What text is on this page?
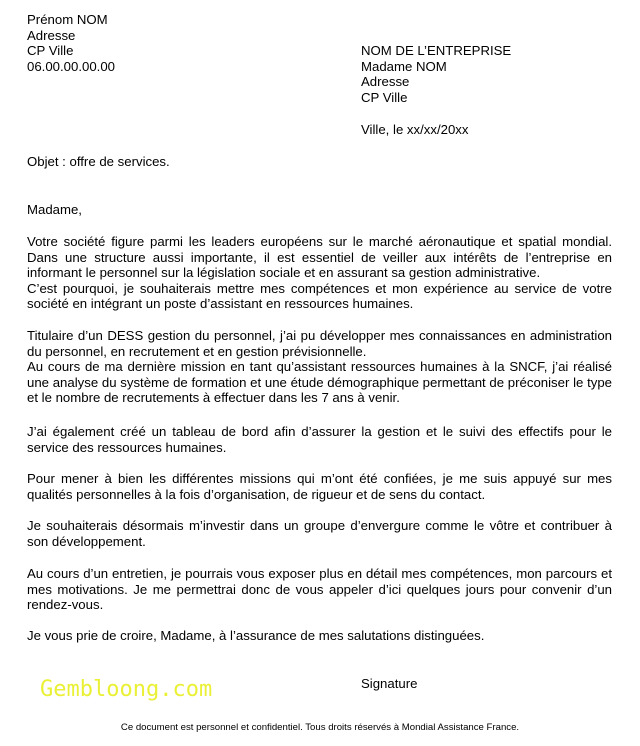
Prénom NOM
Adresse
CP Ville
06.00.00.00.00
NOM DE L’ENTREPRISE
Madame NOM
Adresse
CP Ville
Ville, le xx/xx/20xx
Objet : offre de services.
Madame,
Votre société figure parmi les leaders européens sur le marché aéronautique et spatial mondial. Dans une structure aussi importante, il est essentiel de veiller aux intérêts de l’entreprise en informant le personnel sur la législation sociale et en assurant sa gestion administrative.
C’est pourquoi, je souhaiterais mettre mes compétences et mon expérience au service de votre société en intégrant un poste d’assistant en ressources humaines.
Titulaire d’un DESS gestion du personnel, j’ai pu développer mes connaissances en administration du personnel, en recrutement et en gestion prévisionnelle.
Au cours de ma dernière mission en tant qu’assistant ressources humaines à la SNCF, j’ai réalisé une analyse du système de formation et une étude démographique permettant de préconiser le type et le nombre de recrutements à effectuer dans les 7 ans à venir.
J’ai également créé un tableau de bord afin d’assurer la gestion et le suivi des effectifs pour le service des ressources humaines.
Pour mener à bien les différentes missions qui m’ont été confiées, je me suis appuyé sur mes qualités personnelles à la fois d’organisation, de rigueur et de sens du contact.
Je souhaiterais désormais m’investir dans un groupe d’envergure comme le vôtre et contribuer à son développement.
Au cours d’un entretien, je pourrais vous exposer plus en détail mes compétences, mon parcours et mes motivations. Je me permettrai donc de vous appeler d’ici quelques jours pour convenir d’un rendez-vous.
Je vous prie de croire, Madame, à l’assurance de mes salutations distinguées.
Gembloong.com	Signature
Ce document est personnel et confidentiel. Tous droits réservés à Mondial Assistance France.
